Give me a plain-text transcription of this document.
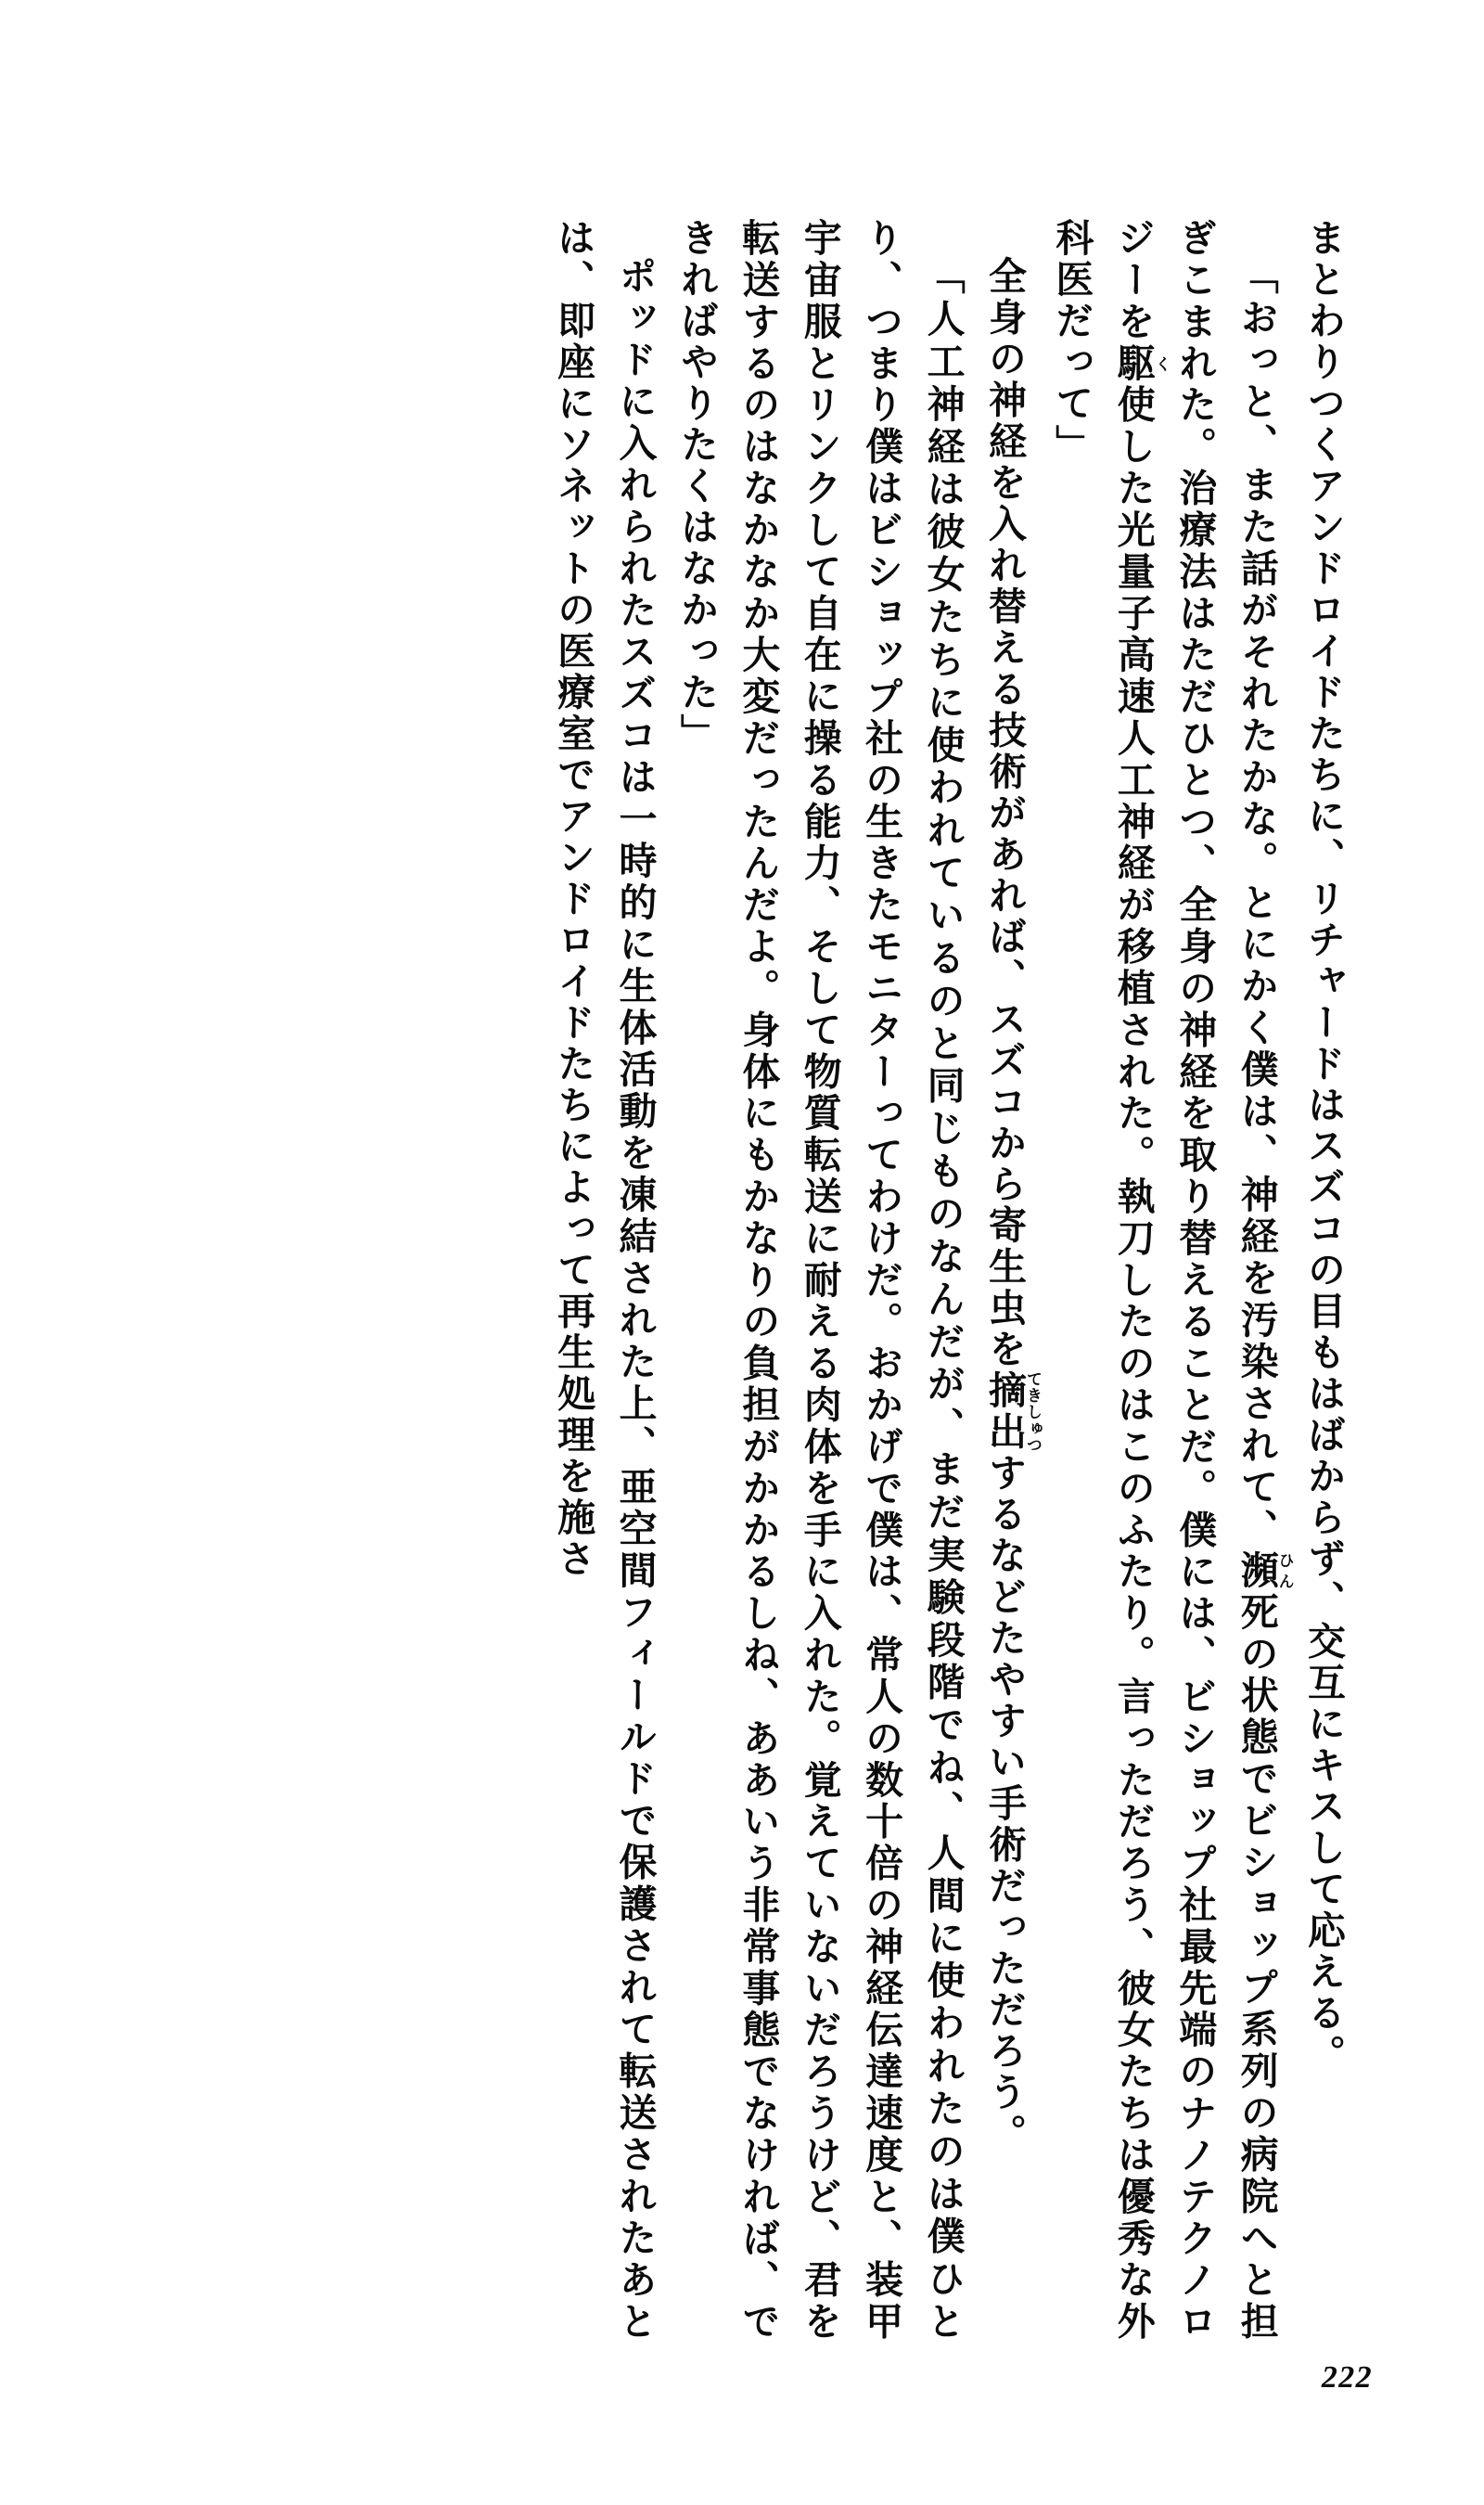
まとわりつくアンドロイドたちに、リチャードはスズコの目もはばからず、交互にキスして応える。

「おっと、また話がそれたかな。とにかく僕は、神経を汚染されて、瀕ひん死の状態でビショップ系列の病院へと担ぎこまれた。治療法はただひとつ、全身の神経を取り替えることだ。僕には、ビショップ社最先端のナノテクノロジーを駆く使した光量子高速人工神経が移植された。執刀したのはこのふたり。言っただろう、彼女たちは優秀な外科医だって」

全身の神経を入れ替える技術があれば、スズコから寄生虫を摘出てきしゅつするなどたやすい手術だっただろう。

「人工神経は彼女たちに使われているのと同じものなんだが、まだ実験段階でね、人間に使われたのは僕ひとり、つまり僕はビショップ社の生きたモニターってわけだ。おかげで僕は、常人の数十倍の神経伝達速度と、装甲宇宙服とリンクして自在に操る能力、そして物質転送に耐える肉体を手に入れた。覚えていないだろうけど、君を転送するのはなかなか大変だったんだよ。身体にもかなりの負担がかかるしね、ああいう非常事態でなければ、できればやりたくはなかった」

ポッドに入れられたスズコは一時的に生体活動を凍結された上、亜空間フィールドで保護されて転送されたあとは、即座にソネットの医療室でアンドロイドたちによって再生処理を施さ

222
